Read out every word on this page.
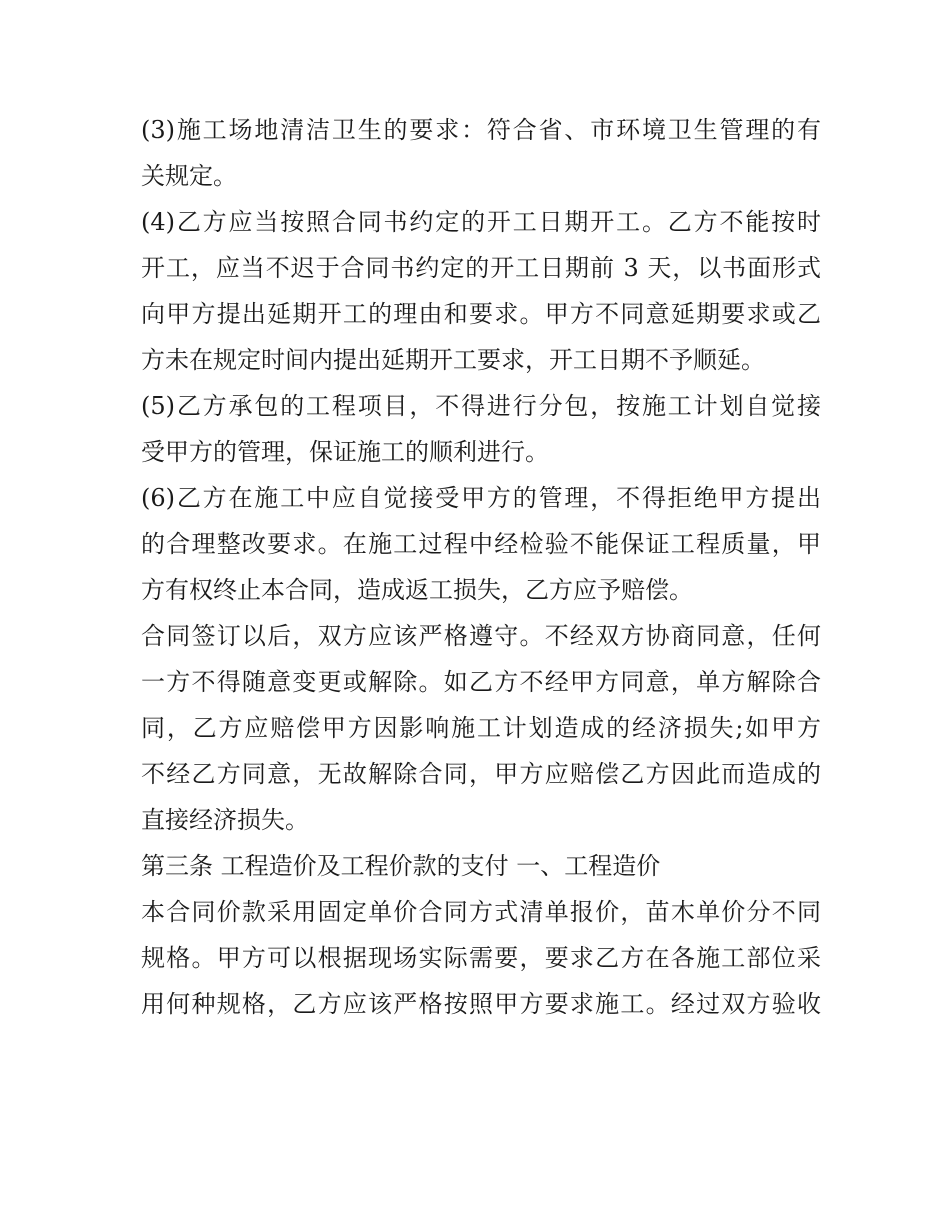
(3)施工场地清洁卫生的要求：符合省、市环境卫生管理的有
关规定。
(4)乙方应当按照合同书约定的开工日期开工。乙方不能按时
开工，应当不迟于合同书约定的开工日期前 3 天，以书面形式
向甲方提出延期开工的理由和要求。甲方不同意延期要求或乙
方未在规定时间内提出延期开工要求，开工日期不予顺延。
(5)乙方承包的工程项目，不得进行分包，按施工计划自觉接
受甲方的管理，保证施工的顺利进行。
(6)乙方在施工中应自觉接受甲方的管理，不得拒绝甲方提出
的合理整改要求。在施工过程中经检验不能保证工程质量，甲
方有权终止本合同，造成返工损失，乙方应予赔偿。
合同签订以后，双方应该严格遵守。不经双方协商同意，任何
一方不得随意变更或解除。如乙方不经甲方同意，单方解除合
同，乙方应赔偿甲方因影响施工计划造成的经济损失;如甲方
不经乙方同意，无故解除合同，甲方应赔偿乙方因此而造成的
直接经济损失。
第三条 工程造价及工程价款的支付 一、工程造价
本合同价款采用固定单价合同方式清单报价，苗木单价分不同
规格。甲方可以根据现场实际需要，要求乙方在各施工部位采
用何种规格，乙方应该严格按照甲方要求施工。经过双方验收
